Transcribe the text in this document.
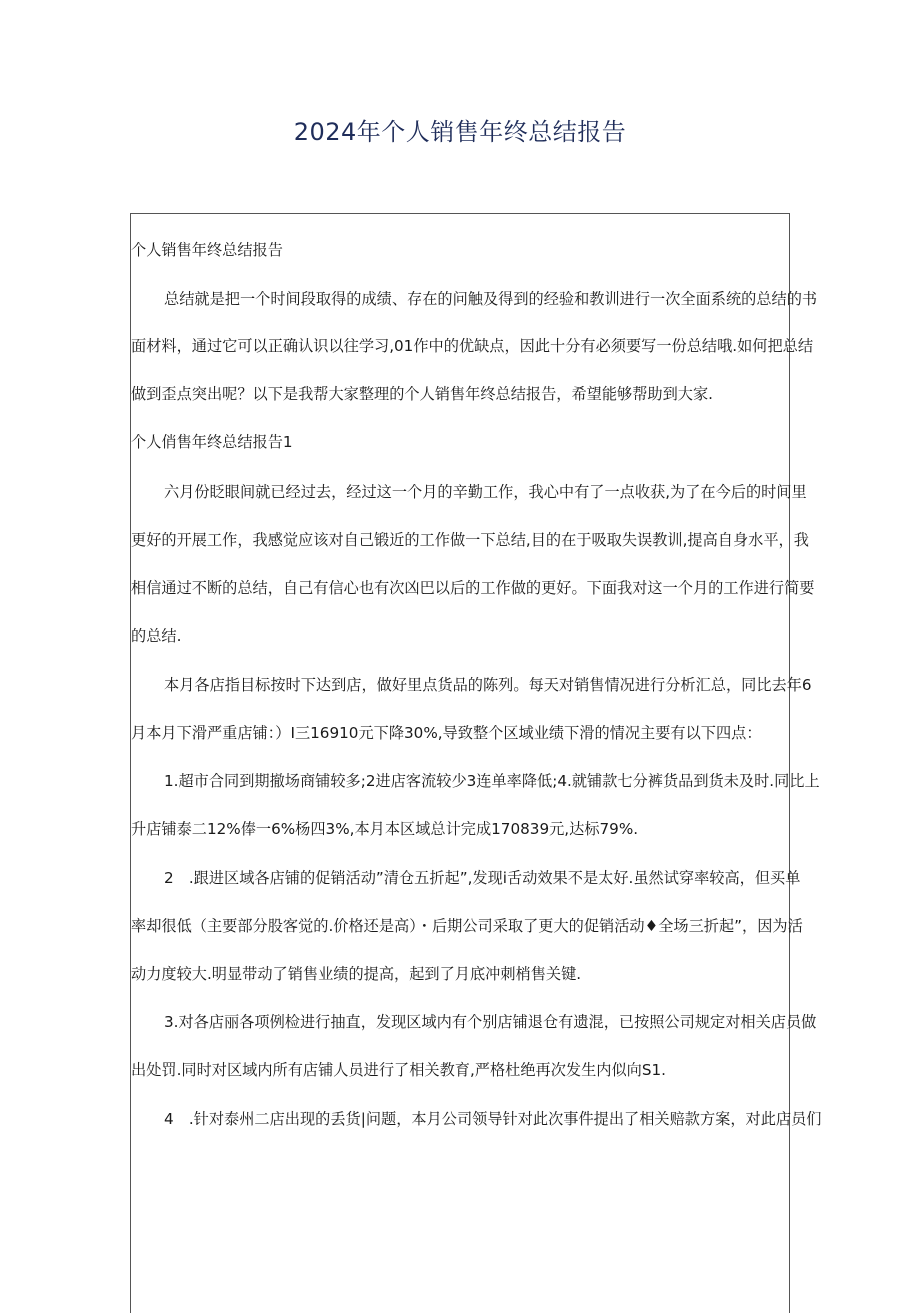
2024年个人销售年终总结报告
个人销售年终总结报告
总结就是把一个时间段取得的成绩、存在的问触及得到的经验和教训进行一次全面系统的总结的书
面材料，通过它可以正确认识以往学习,01作中的优缺点，因此十分有必须要写一份总结哦.如何把总结
做到歪点突出呢？以下是我帮大家整理的个人销售年终总结报告，希望能够帮助到大家.
个人俏售年终总结报告1
六月份眨眼间就已经过去，经过这一个月的辛勤工作，我心中有了一点收获,为了在今后的时间里
更好的开展工作，我感觉应该对自己锻近的工作做一下总结,目的在于吸取失误教训,提高自身水平，我
相信通过不断的总结，自己有信心也有次凶巴以后的工作做的更好。下面我对这一个月的工作进行简要
的总结.
本月各店指目标按时下达到店，做好里点货品的陈列。每天对销售情况进行分析汇总，同比去年6
月本月下滑严重店铺：）I三16910元下降30%,导致整个区域业绩下滑的情况主要有以下四点：
1.超市合同到期撤场商铺较多;2进店客流较少3连单率降低;4.就铺款七分裤货品到货未及时.同比上
升店铺泰二12%俸一6%杨四3%,本月本区域总计完成170839元,达标79%.
2　.跟进区域各店铺的促销活动”清仓五折起”,发现i舌动效果不是太好.虽然试穿率较高，但买单
率却很低（主要部分股客觉的.价格还是高）・后期公司采取了更大的促销活动♦全场三折起”，因为活
动力度较大.明显带动了销售业绩的提高，起到了月底冲刺梢售关键.
3.对各店丽各项例检进行抽直，发现区域内有个别店铺退仓有遗混，已按照公司规定对相关店员做
出处罚.同时对区域内所有店铺人员进行了相关教育,严格杜绝再次发生内似向S1.
4　.针对泰州二店出现的丢货|问题，本月公司领导针对此次事件提出了相关赔款方案，对此店员们
